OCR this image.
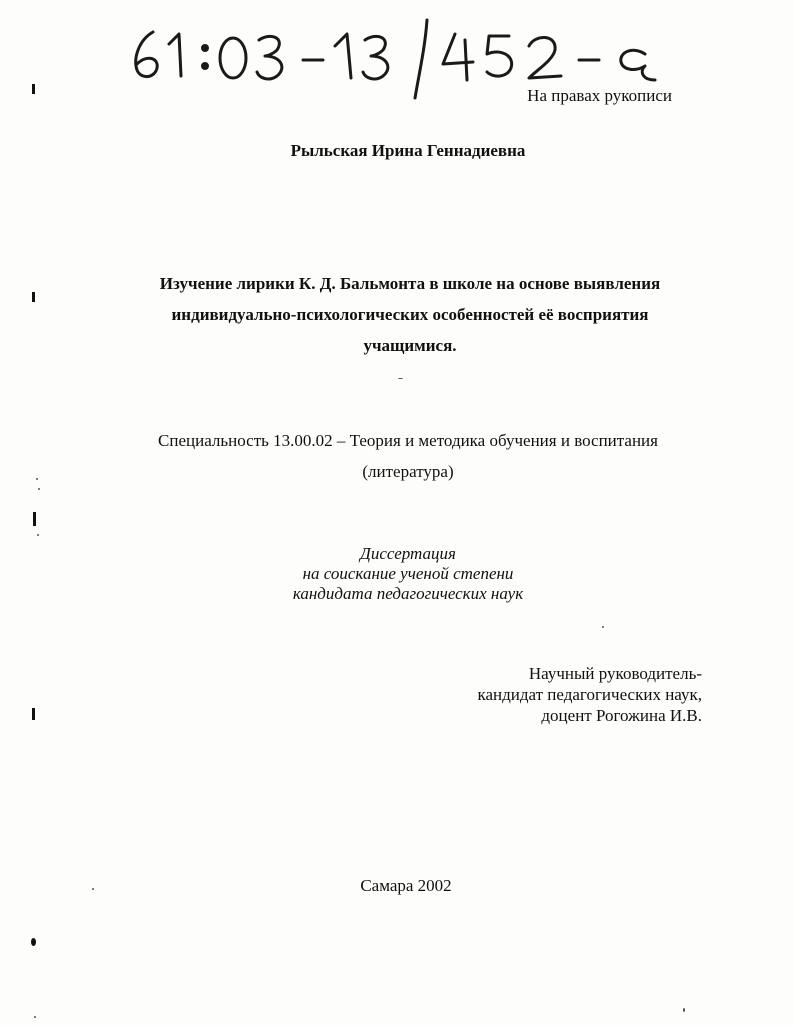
На правах рукописи
Рыльская Ирина Геннадиевна
Изучение лирики К. Д. Бальмонта в школе на основе выявления
индивидуально-психологических особенностей её восприятия
учащимися.
Специальность 13.00.02 – Теория и методика обучения и воспитания
(литература)
Диссертация
на соискание ученой степени
кандидата педагогических наук
Научный руководитель-
кандидат педагогических наук,
доцент Рогожина И.В.
Самара 2002
